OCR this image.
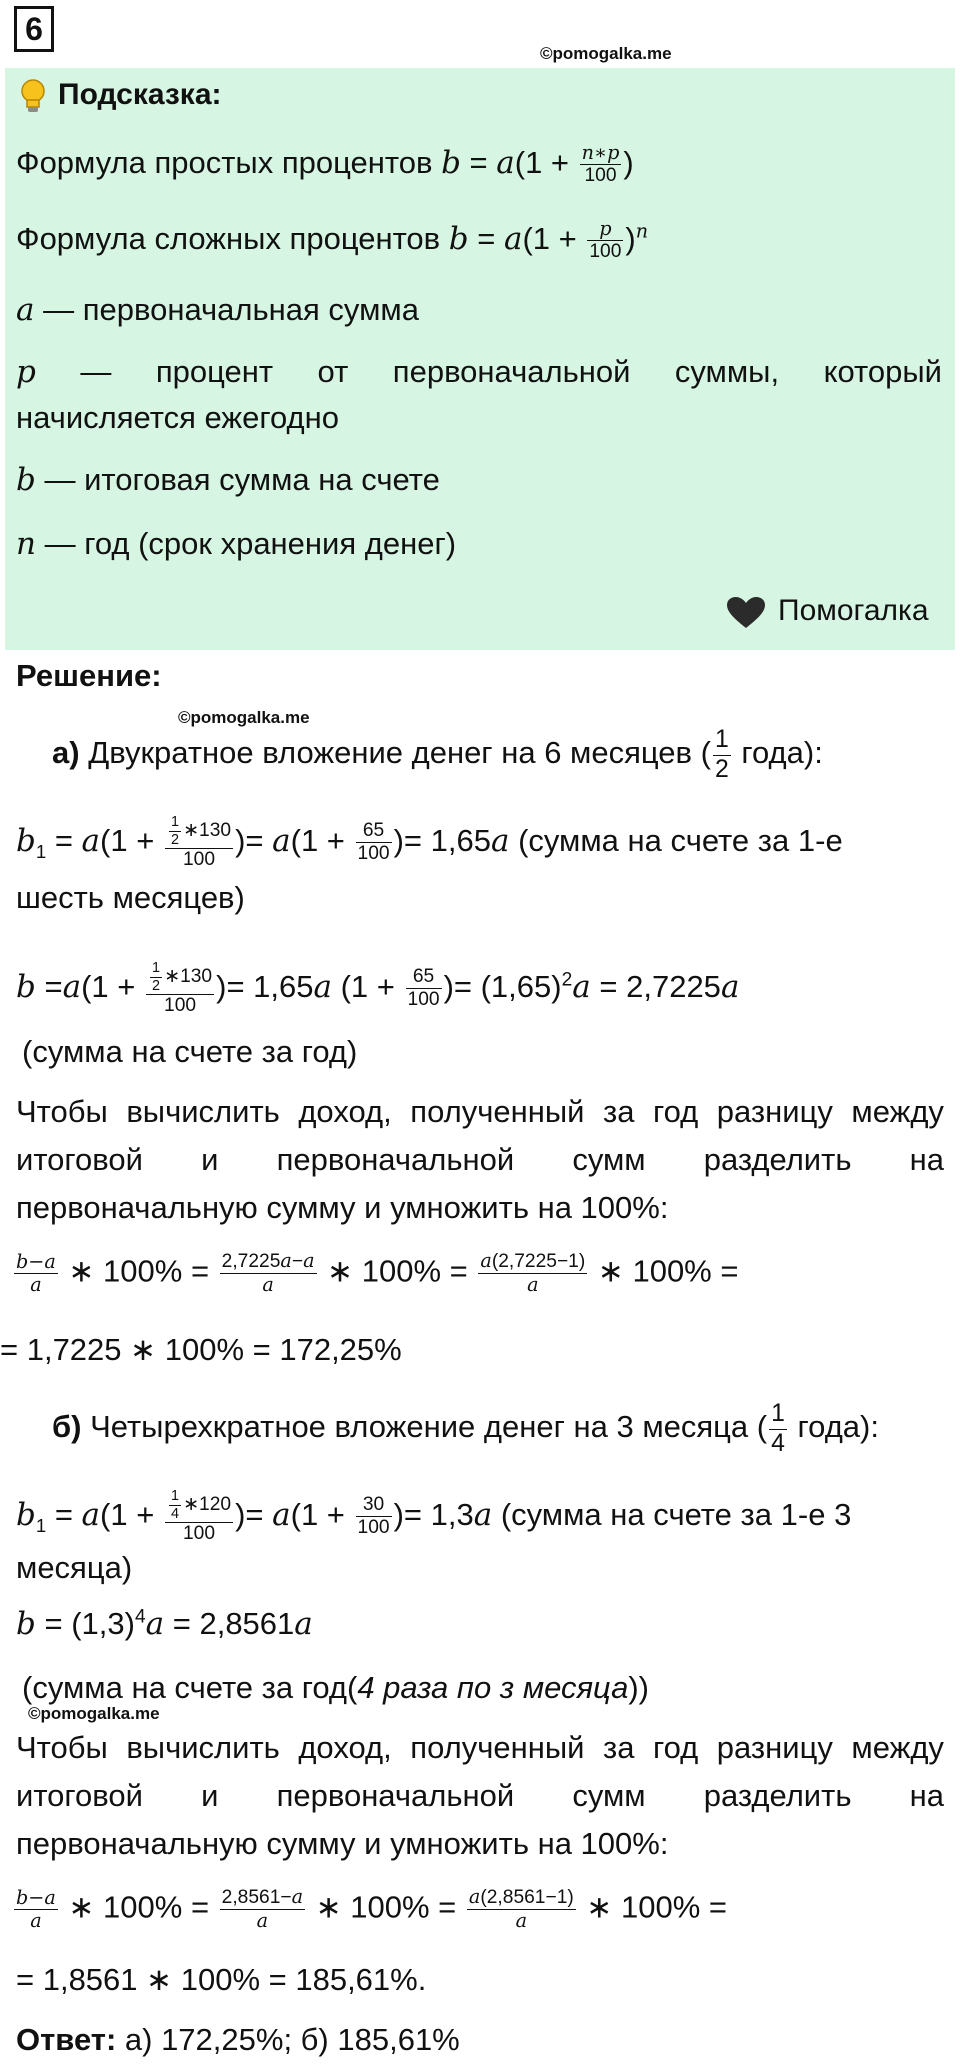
6
©pomogalka.me
Подсказка:
Формула простых процентов $b = a(1 + \frac{n∗p}{100}$ )
Формула сложных процентов $b = a(1 + \frac{p}{100} )^n$
a — первоначальная сумма
p — процент от первоначальной суммы, который
начисляется ежегодно
b — итоговая сумма на счете
n — год (срок хранения денег)
Помогалка
Решение:
©pomogalka.me
а) Двукратное вложение денег на 6 месяцев ( $\frac{1}{2}$ года):
$b_1 = a(1 + \frac{\frac{1}{2} ∗130}{100}$ )= $a(1 + \frac{65}{100}$ )= 1,65a (сумма на счете за 1-е
шесть месяцев)
$b =a(1 + \frac{\frac{1}{2} ∗130}{100}$ )= 1,65a ($1 + \frac{65}{100}$ )= $(1,65)^2a = 2,7225a$
(сумма на счете за год)
Чтобы вычислить доход, полученный за год разницу между
итоговой и первоначальной сумм разделить на
первоначальную сумму и умножить на 100%:
$\frac{b-a}{a}$ ∗ $100\% = \frac{2,7225a-a}{a}$ ∗ $100\% = \frac{a(2,7225-1)}{a}$ ∗ 100% =
= 1,7225 ∗ 100% = 172,25%
б) Четырехкратное вложение денег на 3 месяца ( $\frac{1}{4}$ года):
$b_1 = a(1 + \frac{\frac{1}{4} ∗120}{100}$ )= $a(1 + \frac{30}{100}$ )= 1,3a (сумма на счете за 1-е 3
месяца)
$b = (1,3)^4a = 2,8561a$
(сумма на счете за год(4 раза по з месяца))
©pomogalka.me
Чтобы вычислить доход, полученный за год разницу между
итоговой и первоначальной сумм разделить на
первоначальную сумму и умножить на 100%:
$\frac{b-a}{a}$ ∗ $100\% = \frac{2,8561-a}{a}$ ∗ $100\% = \frac{a(2,8561-1)}{a}$ ∗ 100% =
= 1,8561 ∗ 100% = 185,61%.
Ответ: а) 172,25%; б) 185,61%
